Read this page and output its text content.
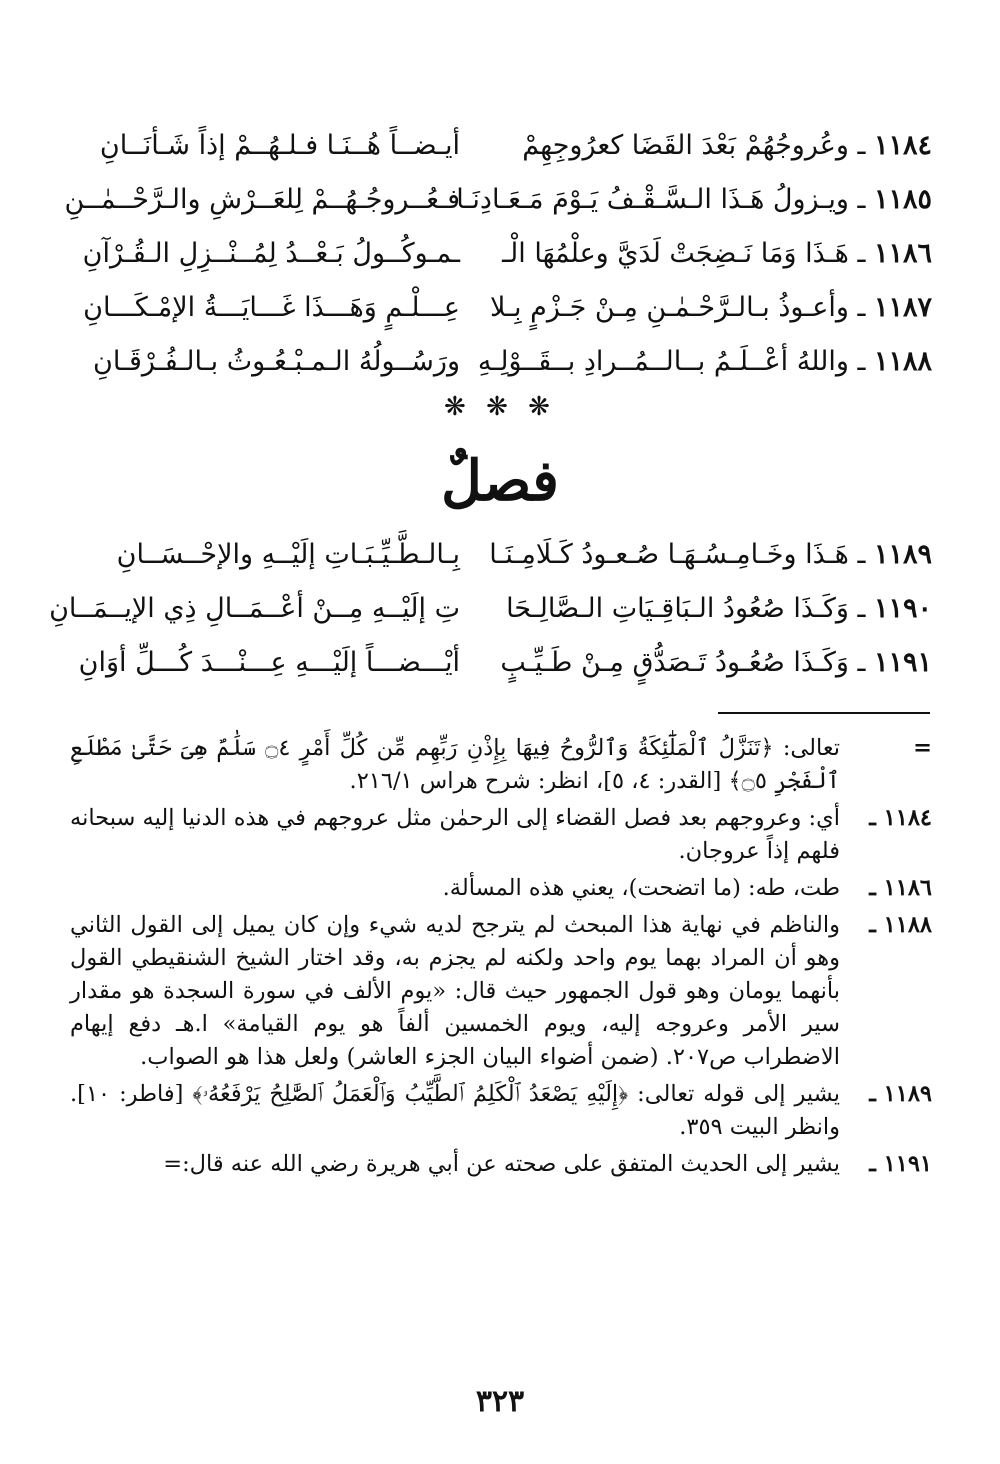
١١٨٤ ـ وعُروجُهُمْ بَعْدَ القَضَا كعرُوجِهِمْ
أيـضــاً هُــنَـا فـلـهُــمْ إذاً شَـأنَــانِ
١١٨٥ ـ ويـزولُ هَـذَا الـسَّـقْـفُ يَـوْمَ مَـعَـادِنَـا
فـعُــروجُـهُــمْ لِلعَــرْشِ والـرَّحْــمٰــنِ
١١٨٦ ـ هَـذَا وَمَا نَـضِجَتْ لَدَيَّ وعلْمُهَا الْـ
ـمـوكُــولُ بَـعْــدُ لِمُــنْــزِلِ الـقُـرْآنِ
١١٨٧ ـ وأعـوذُ بـالـرَّحْـمٰـنِ مِـنْ جَـزْمٍ بِـلا
عِـــلْـمٍ وَهَـــذَا غَـــايَـــةُ الإمْـكَـــانِ
١١٨٨ ـ واللهُ أعْــلَـمُ بــالــمُــرادِ بــقَــوْلِـهِ
ورَسُــولُهُ الـمـبْـعُـوثُ بـالـفُـرْقَـانِ
❋ ❋ ❋
فصلٌ
١١٨٩ ـ هَـذَا وخَـامِـسُـهَـا صُـعـودُ كَـلَامِـنَـا
بِـالـطَّـيِّـبَـاتِ إلَيْــهِ والإحْــسَــانِ
١١٩٠ ـ وَكَـذَا صُعُودُ الـبَاقِـيَاتِ الـصَّالِـحَا
تِ إلَيْــهِ مِــنْ أعْــمَــالِ ذِي الإيــمَــانِ
١١٩١ ـ وَكَـذَا صُعُـودُ تَـصَدُّقٍ مِـنْ طَـيِّـبٍ
أيْـــضـــاً إلَيْـــهِ عِـــنْـــدَ كُـــلِّ أوَانِ
=
تعالى: ﴿تَنَزَّلُ ٱلْمَلَٰٓئِكَةُ وَٱلرُّوحُ فِيهَا بِإِذْنِ رَبِّهِم مِّن كُلِّ أَمْرٍ ۝٤ سَلَٰمٌ هِىَ حَتَّىٰ مَطْلَعِ ٱلْفَجْرِ ۝٥﴾ [القدر: ٤، ٥]، انظر: شرح هراس ٢١٦/١.
١١٨٤ ـ
أي: وعروجهم بعد فصل القضاء إلى الرحمٰن مثل عروجهم في هذه الدنيا إليه سبحانه فلهم إذاً عروجان.
١١٨٦ ـ
طت، طه: (ما اتضحت)، يعني هذه المسألة.
١١٨٨ ـ
والناظم في نهاية هذا المبحث لم يترجح لديه شيء وإن كان يميل إلى القول الثاني وهو أن المراد بهما يوم واحد ولكنه لم يجزم به، وقد اختار الشيخ الشنقيطي القول بأنهما يومان وهو قول الجمهور حيث قال: «يوم الألف في سورة السجدة هو مقدار سير الأمر وعروجه إليه، ويوم الخمسين ألفاً هو يوم القيامة» ا.هـ دفع إيهام الاضطراب ص٢٠٧. (ضمن أضواء البيان الجزء العاشر) ولعل هذا هو الصواب.
١١٨٩ ـ
يشير إلى قوله تعالى: ﴿إِلَيْهِ يَصْعَدُ ٱلْكَلِمُ ٱلطَّيِّبُ وَٱلْعَمَلُ ٱلصَّٰلِحُ يَرْفَعُهُۥ﴾ [فاطر: ١٠]. وانظر البيت ٣٥٩.
١١٩١ ـ
يشير إلى الحديث المتفق على صحته عن أبي هريرة رضي الله عنه قال:=
٣٢٣
